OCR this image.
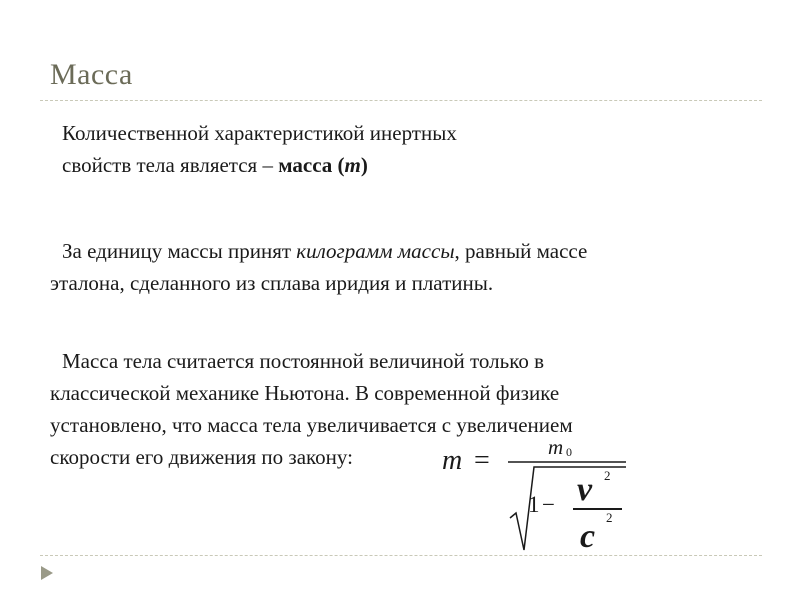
Масса
Количественной характеристикой инертных
свойств тела является – масса (m)
За единицу массы принят килограмм массы, равный массе
эталона, сделанного из сплава иридия и платины.
Масса тела считается постоянной величиной только в
классической механике Ньютона. В современной физике
установлено, что масса тела увеличивается с увеличением
скорости его движения по закону:	m =	m 0
1 − v 2
c
2
